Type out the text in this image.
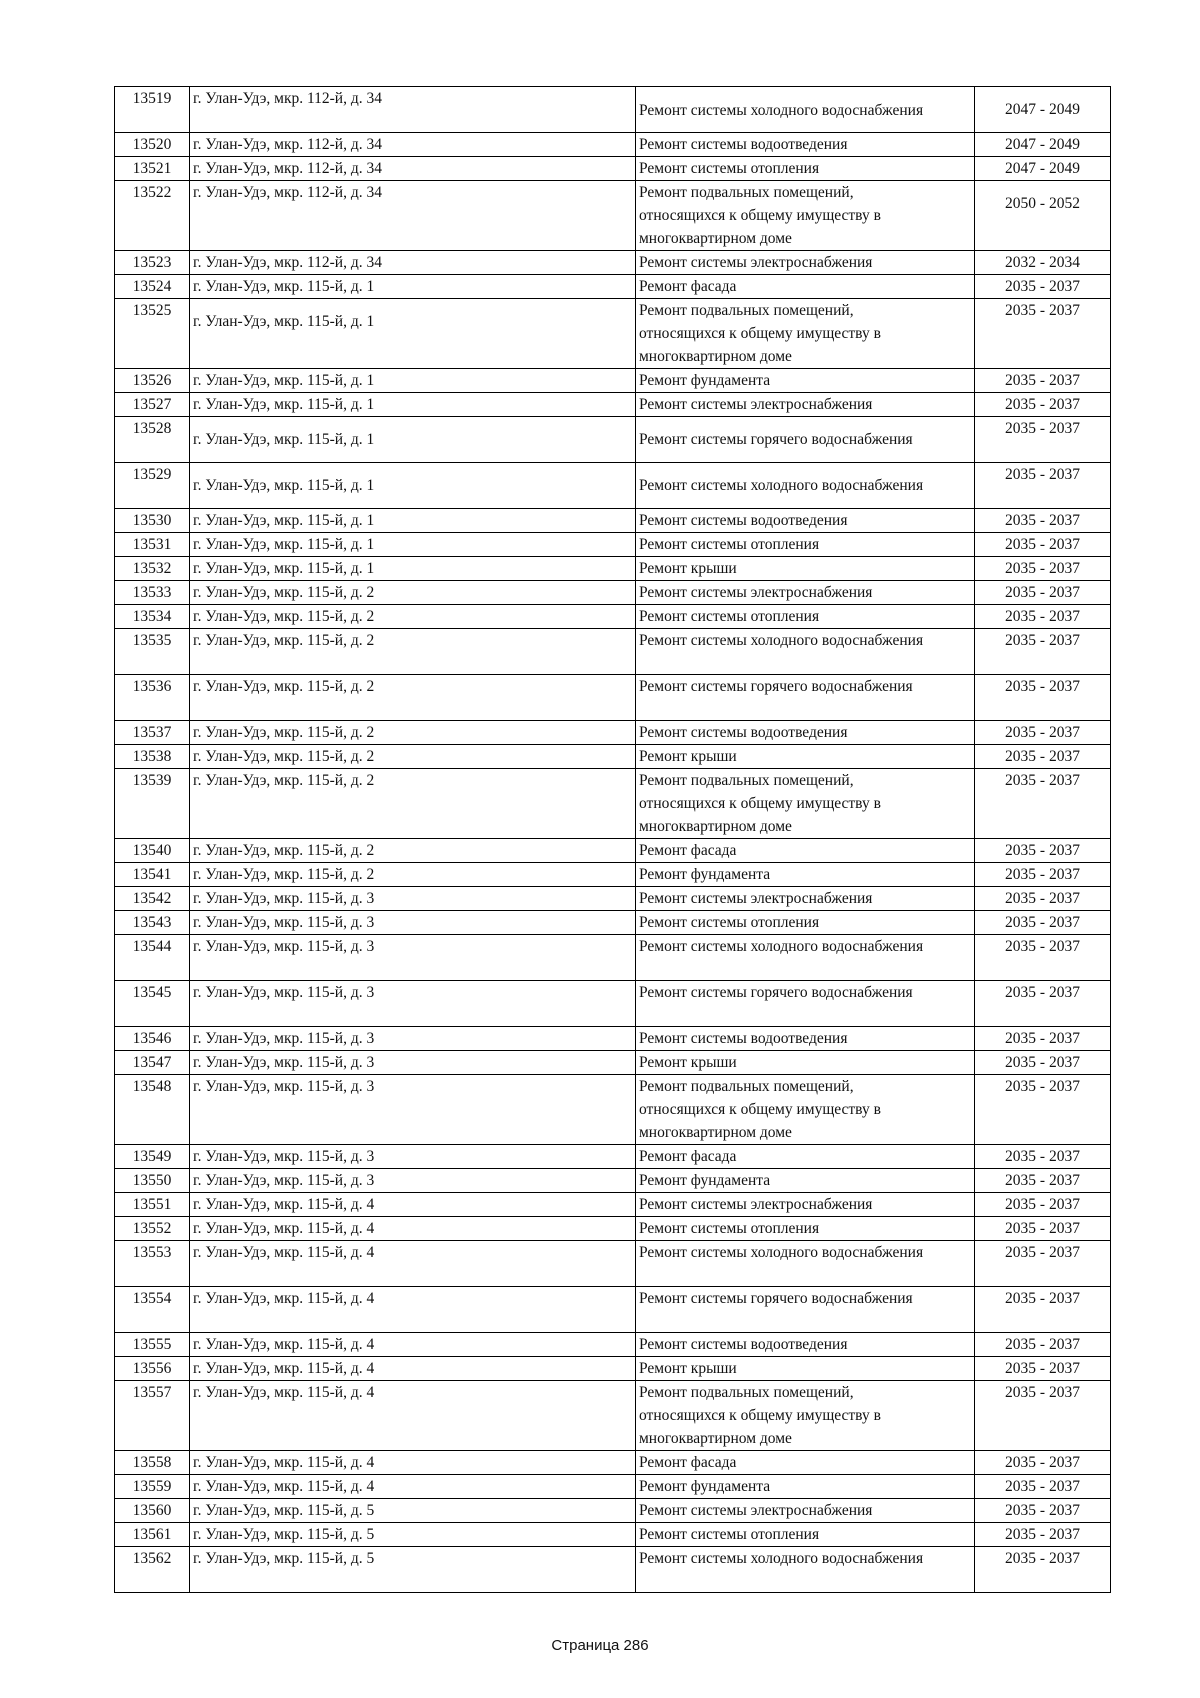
13519	г. Улан-Удэ, мкр. 112-й, д. 34	Ремонт системы холодного водоснабжения	2047 - 2049

13520	г. Улан-Удэ, мкр. 112-й, д. 34	Ремонт системы водоотведения	2047 - 2049

13521	г. Улан-Удэ, мкр. 112-й, д. 34	Ремонт системы отопления	2047 - 2049

13522	г. Улан-Удэ, мкр. 112-й, д. 34	Ремонт подвальных помещений,
относящихся к общему имуществу в
многоквартирном доме	2050 - 2052

13523	г. Улан-Удэ, мкр. 112-й, д. 34	Ремонт системы электроснабжения	2032 - 2034

13524	г. Улан-Удэ, мкр. 115-й, д. 1	Ремонт фасада	2035 - 2037

13525	г. Улан-Удэ, мкр. 115-й, д. 1	Ремонт подвальных помещений,
относящихся к общему имуществу в
многоквартирном доме	2035 - 2037

13526	г. Улан-Удэ, мкр. 115-й, д. 1	Ремонт фундамента	2035 - 2037

13527	г. Улан-Удэ, мкр. 115-й, д. 1	Ремонт системы электроснабжения	2035 - 2037

13528	г. Улан-Удэ, мкр. 115-й, д. 1	Ремонт системы горячего водоснабжения	2035 - 2037

13529	г. Улан-Удэ, мкр. 115-й, д. 1	Ремонт системы холодного водоснабжения	2035 - 2037

13530	г. Улан-Удэ, мкр. 115-й, д. 1	Ремонт системы водоотведения	2035 - 2037

13531	г. Улан-Удэ, мкр. 115-й, д. 1	Ремонт системы отопления	2035 - 2037

13532	г. Улан-Удэ, мкр. 115-й, д. 1	Ремонт крыши	2035 - 2037

13533	г. Улан-Удэ, мкр. 115-й, д. 2	Ремонт системы электроснабжения	2035 - 2037

13534	г. Улан-Удэ, мкр. 115-й, д. 2	Ремонт системы отопления	2035 - 2037

13535	г. Улан-Удэ, мкр. 115-й, д. 2	Ремонт системы холодного водоснабжения	2035 - 2037

13536	г. Улан-Удэ, мкр. 115-й, д. 2	Ремонт системы горячего водоснабжения	2035 - 2037

13537	г. Улан-Удэ, мкр. 115-й, д. 2	Ремонт системы водоотведения	2035 - 2037

13538	г. Улан-Удэ, мкр. 115-й, д. 2	Ремонт крыши	2035 - 2037

13539	г. Улан-Удэ, мкр. 115-й, д. 2	Ремонт подвальных помещений,
относящихся к общему имуществу в
многоквартирном доме	2035 - 2037

13540	г. Улан-Удэ, мкр. 115-й, д. 2	Ремонт фасада	2035 - 2037

13541	г. Улан-Удэ, мкр. 115-й, д. 2	Ремонт фундамента	2035 - 2037

13542	г. Улан-Удэ, мкр. 115-й, д. 3	Ремонт системы электроснабжения	2035 - 2037

13543	г. Улан-Удэ, мкр. 115-й, д. 3	Ремонт системы отопления	2035 - 2037

13544	г. Улан-Удэ, мкр. 115-й, д. 3	Ремонт системы холодного водоснабжения	2035 - 2037

13545	г. Улан-Удэ, мкр. 115-й, д. 3	Ремонт системы горячего водоснабжения	2035 - 2037

13546	г. Улан-Удэ, мкр. 115-й, д. 3	Ремонт системы водоотведения	2035 - 2037

13547	г. Улан-Удэ, мкр. 115-й, д. 3	Ремонт крыши	2035 - 2037

13548	г. Улан-Удэ, мкр. 115-й, д. 3	Ремонт подвальных помещений,
относящихся к общему имуществу в
многоквартирном доме	2035 - 2037

13549	г. Улан-Удэ, мкр. 115-й, д. 3	Ремонт фасада	2035 - 2037

13550	г. Улан-Удэ, мкр. 115-й, д. 3	Ремонт фундамента	2035 - 2037

13551	г. Улан-Удэ, мкр. 115-й, д. 4	Ремонт системы электроснабжения	2035 - 2037

13552	г. Улан-Удэ, мкр. 115-й, д. 4	Ремонт системы отопления	2035 - 2037

13553	г. Улан-Удэ, мкр. 115-й, д. 4	Ремонт системы холодного водоснабжения	2035 - 2037

13554	г. Улан-Удэ, мкр. 115-й, д. 4	Ремонт системы горячего водоснабжения	2035 - 2037

13555	г. Улан-Удэ, мкр. 115-й, д. 4	Ремонт системы водоотведения	2035 - 2037

13556	г. Улан-Удэ, мкр. 115-й, д. 4	Ремонт крыши	2035 - 2037

13557	г. Улан-Удэ, мкр. 115-й, д. 4	Ремонт подвальных помещений,
относящихся к общему имуществу в
многоквартирном доме	2035 - 2037

13558	г. Улан-Удэ, мкр. 115-й, д. 4	Ремонт фасада	2035 - 2037

13559	г. Улан-Удэ, мкр. 115-й, д. 4	Ремонт фундамента	2035 - 2037

13560	г. Улан-Удэ, мкр. 115-й, д. 5	Ремонт системы электроснабжения	2035 - 2037

13561	г. Улан-Удэ, мкр. 115-й, д. 5	Ремонт системы отопления	2035 - 2037

13562	г. Улан-Удэ, мкр. 115-й, д. 5	Ремонт системы холодного водоснабжения	2035 - 2037
Страница 286
